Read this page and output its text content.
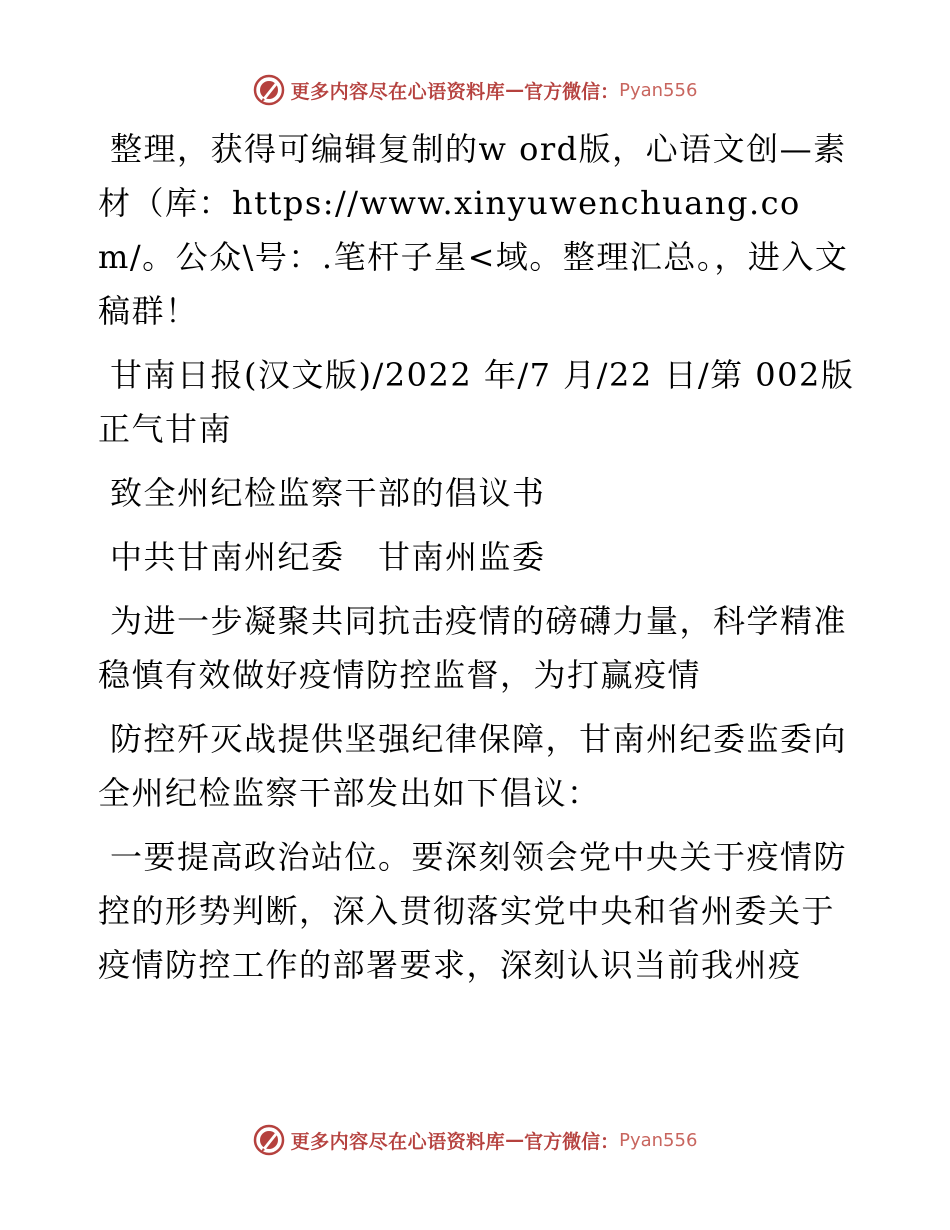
更多内容尽在心语资料库 — 官方微信： Pyan556

整理，获得可编辑复制的w ord版，心语文创—素材（库：https://www.xinyuwenchuang.com/。公众\号：.笔杆子星<域。整理汇总。，进入文稿群！

甘南日报(汉文版)/2022 年/7 月/22 日/第 002版正气甘南

致全州纪检监察干部的倡议书

中共甘南州纪委　甘南州监委

为进一步凝聚共同抗击疫情的磅礴力量，科学精准稳慎有效做好疫情防控监督，为打赢疫情

防控歼灭战提供坚强纪律保障，甘南州纪委监委向全州纪检监察干部发出如下倡议：

一要提高政治站位。要深刻领会党中央关于疫情防控的形势判断，深入贯彻落实党中央和省州委关于疫情防控工作的部署要求，深刻认识当前我州疫

更多内容尽在心语资料库 — 官方微信： Pyan556
